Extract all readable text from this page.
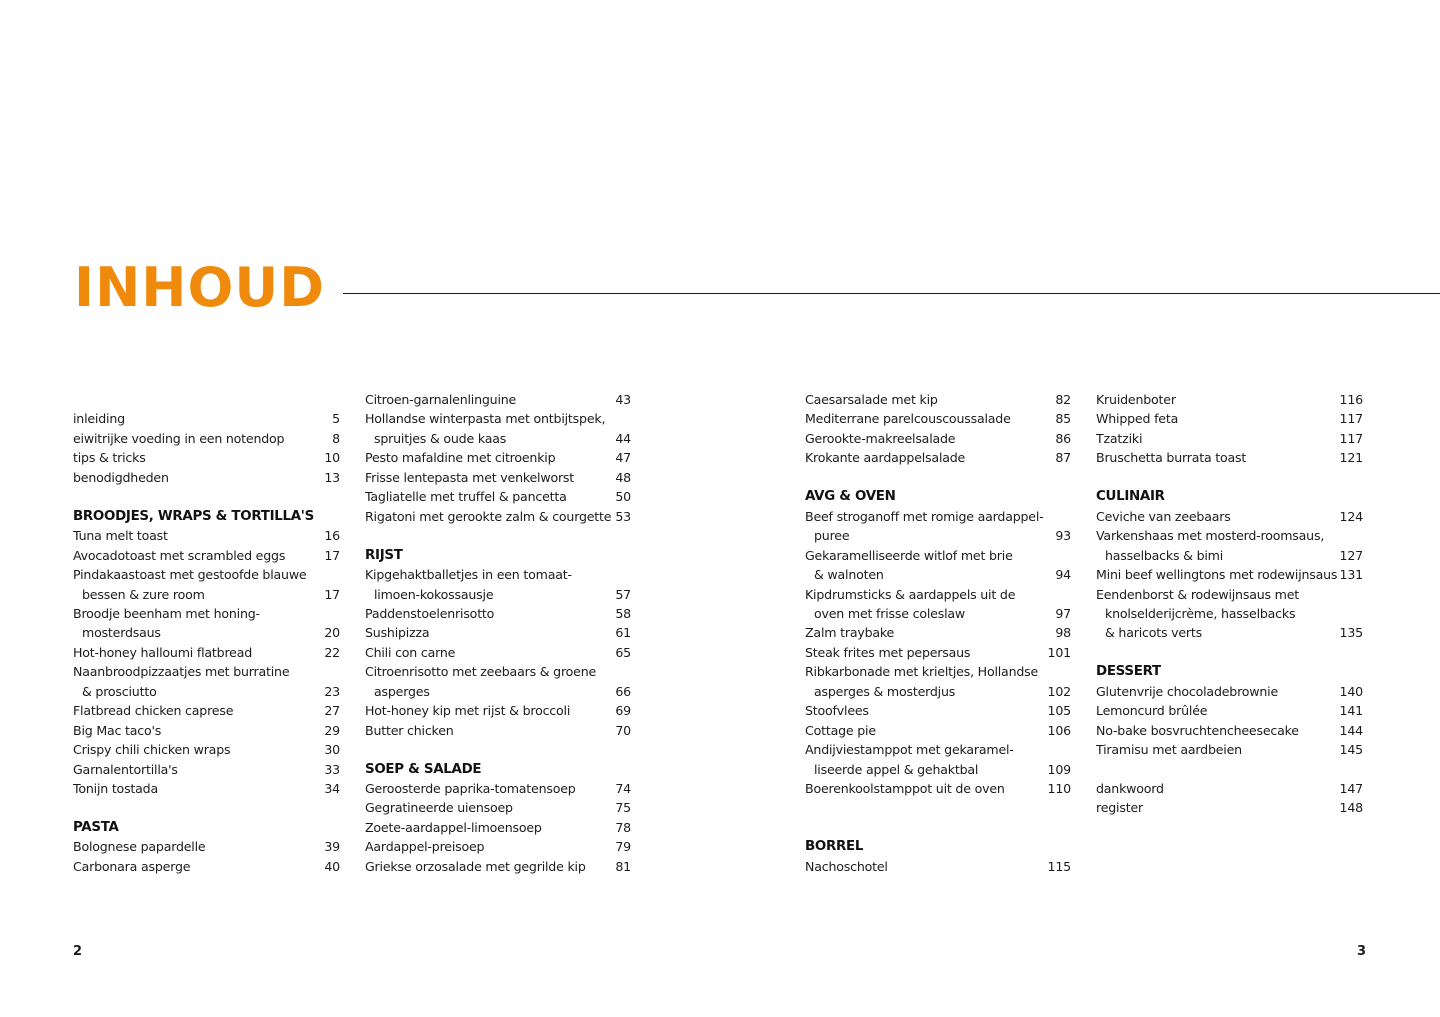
INHOUD
inleiding	5
eiwitrijke voeding in een notendop	8
tips & tricks	10
benodigdheden	13
BROODJES, WRAPS & TORTILLA'S
Tuna melt toast	16
Avocadotoast met scrambled eggs	17
Pindakaastoast met gestoofde blauwe
bessen & zure room	17
Broodje beenham met honing-
mosterdsaus	20
Hot-honey halloumi flatbread	22
Naanbroodpizzaatjes met burratine
& prosciutto	23
Flatbread chicken caprese	27
Big Mac taco's	29
Crispy chili chicken wraps	30
Garnalentortilla's	33
Tonijn tostada	34
PASTA
Bolognese papardelle	39
Carbonara asperge	40
Citroen-garnalenlinguine	43
Hollandse winterpasta met ontbijtspek,
spruitjes & oude kaas	44
Pesto mafaldine met citroenkip	47
Frisse lentepasta met venkelworst	48
Tagliatelle met truffel & pancetta	50
Rigatoni met gerookte zalm & courgette 53
RIJST
Kipgehaktballetjes in een tomaat-
limoen-kokossausje	57
Paddenstoelenrisotto	58
Sushipizza	61
Chili con carne	65
Citroenrisotto met zeebaars & groene
asperges	66
Hot-honey kip met rijst & broccoli	69
Butter chicken	70
SOEP & SALADE
Geroosterde paprika-tomatensoep	74
Gegratineerde uiensoep	75
Zoete-aardappel-limoensoep	78
Aardappel-preisoep	79
Griekse orzosalade met gegrilde kip	81
Caesarsalade met kip	82
Mediterrane parelcouscoussalade	85
Gerookte-makreelsalade	86
Krokante aardappelsalade	87
AVG & OVEN
Beef stroganoff met romige aardappel-
puree	93
Gekaramelliseerde witlof met brie
& walnoten	94
Kipdrumsticks & aardappels uit de
oven met frisse coleslaw	97
Zalm traybake	98
Steak frites met pepersaus	101
Ribkarbonade met krieltjes, Hollandse
asperges & mosterdjus	102
Stoofvlees	105
Cottage pie	106
Andijviestamppot met gekaramel-
liseerde appel & gehaktbal	109
Boerenkoolstamppot uit de oven	110
BORREL
Nachoschotel	115
Kruidenboter	116
Whipped feta	117
Tzatziki	117
Bruschetta burrata toast	121
CULINAIR
Ceviche van zeebaars	124
Varkenshaas met mosterd-roomsaus,
hasselbacks & bimi	127
Mini beef wellingtons met rodewijnsaus 131
Eendenborst & rodewijnsaus met
knolselderijcrème, hasselbacks
& haricots verts	135
DESSERT
Glutenvrije chocoladebrownie	140
Lemoncurd brûlée	141
No-bake bosvruchtencheesecake	144
Tiramisu met aardbeien	145
dankwoord	147
register	148
2	3
